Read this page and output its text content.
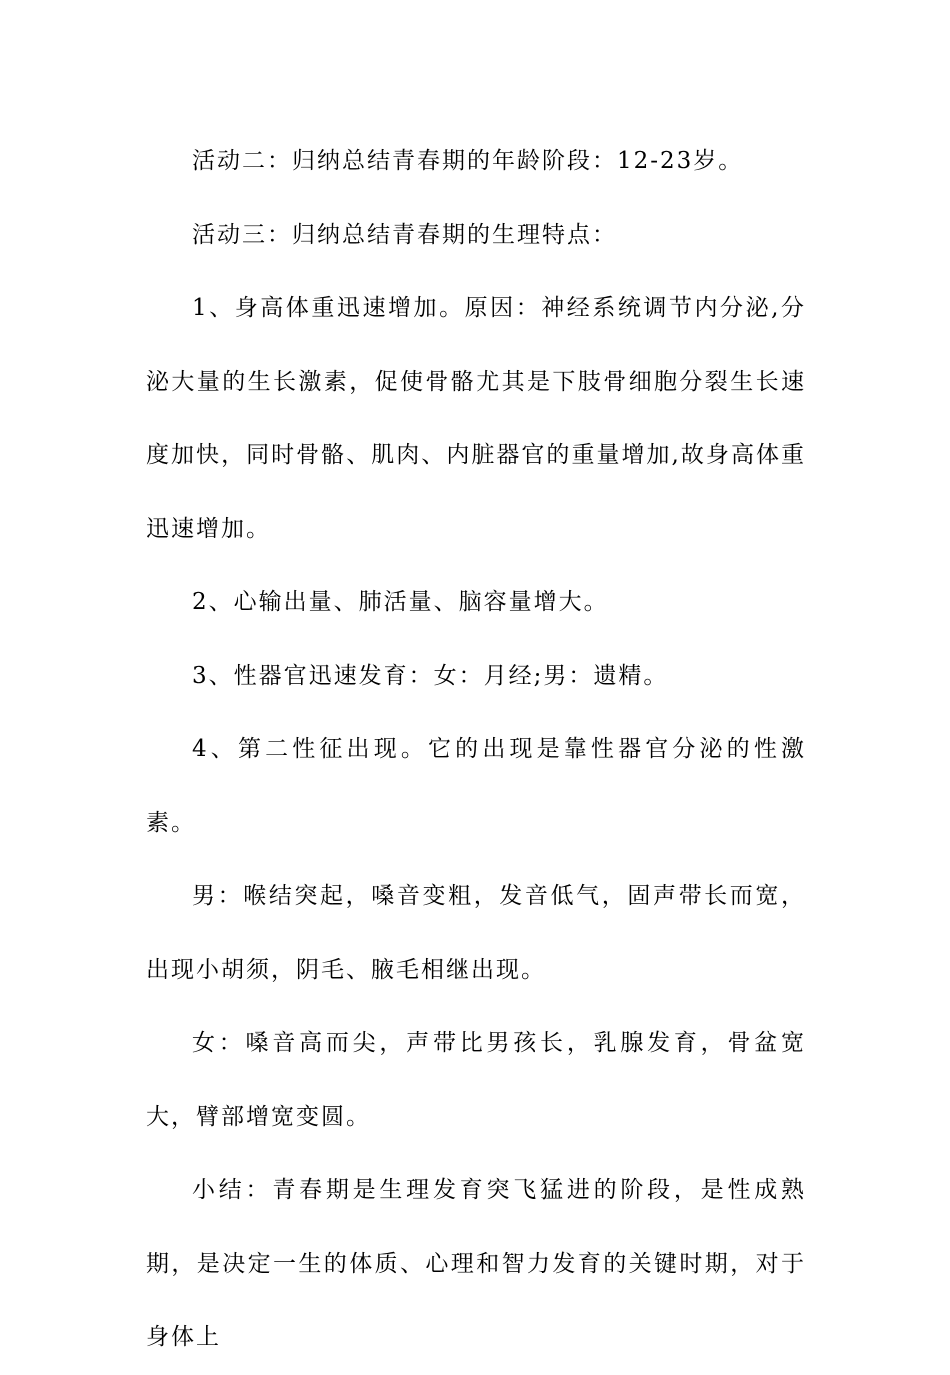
活动二：归纳总结青春期的年龄阶段：12-23岁。

活动三：归纳总结青春期的生理特点：

1、身高体重迅速增加。原因：神经系统调节内分泌,分泌大量的生长激素，促使骨骼尤其是下肢骨细胞分裂生长速度加快，同时骨骼、肌肉、内脏器官的重量增加,故身高体重迅速增加。

2、心输出量、肺活量、脑容量增大。

3、性器官迅速发育：女：月经;男：遗精。

4、第二性征出现。它的出现是靠性器官分泌的性激素。

男：喉结突起，嗓音变粗，发音低气，固声带长而宽，出现小胡须，阴毛、腋毛相继出现。

女：嗓音高而尖，声带比男孩长，乳腺发育，骨盆宽大，臂部增宽变圆。

小结：青春期是生理发育突飞猛进的阶段，是性成熟期，是决定一生的体质、心理和智力发育的关键时期，对于身体上
